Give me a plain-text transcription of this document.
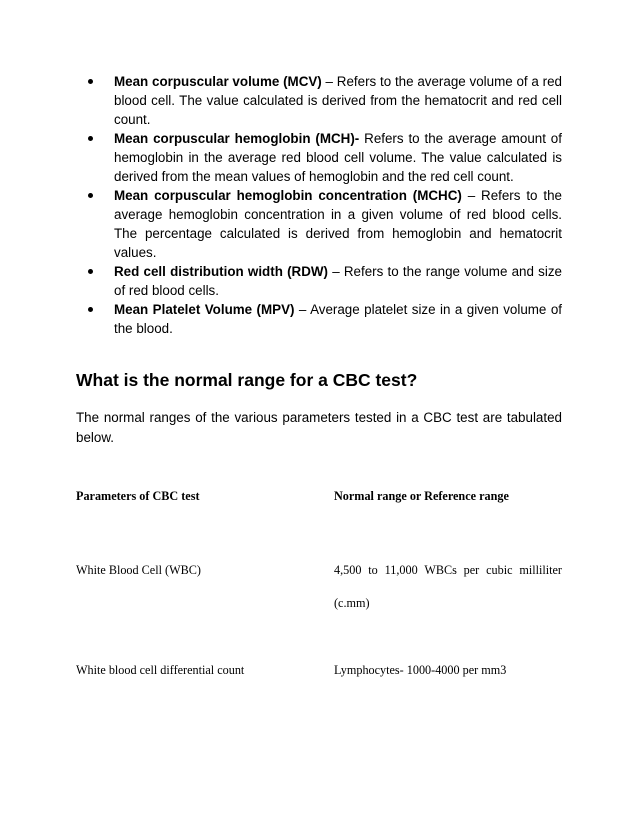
Mean corpuscular volume (MCV) – Refers to the average volume of a red blood cell. The value calculated is derived from the hematocrit and red cell count.
Mean corpuscular hemoglobin (MCH)- Refers to the average amount of hemoglobin in the average red blood cell volume. The value calculated is derived from the mean values of hemoglobin and the red cell count.
Mean corpuscular hemoglobin concentration (MCHC) – Refers to the average hemoglobin concentration in a given volume of red blood cells. The percentage calculated is derived from hemoglobin and hematocrit values.
Red cell distribution width (RDW) – Refers to the range volume and size of red blood cells.
Mean Platelet Volume (MPV) – Average platelet size in a given volume of the blood.
What is the normal range for a CBC test?

The normal ranges of the various parameters tested in a CBC test are tabulated below.

Parameters of CBC test	Normal range or Reference range

White Blood Cell (WBC)	4,500 to 11,000 WBCs per cubic milliliter

(c.mm)

White blood cell differential count	Lymphocytes- 1000-4000 per mm3
